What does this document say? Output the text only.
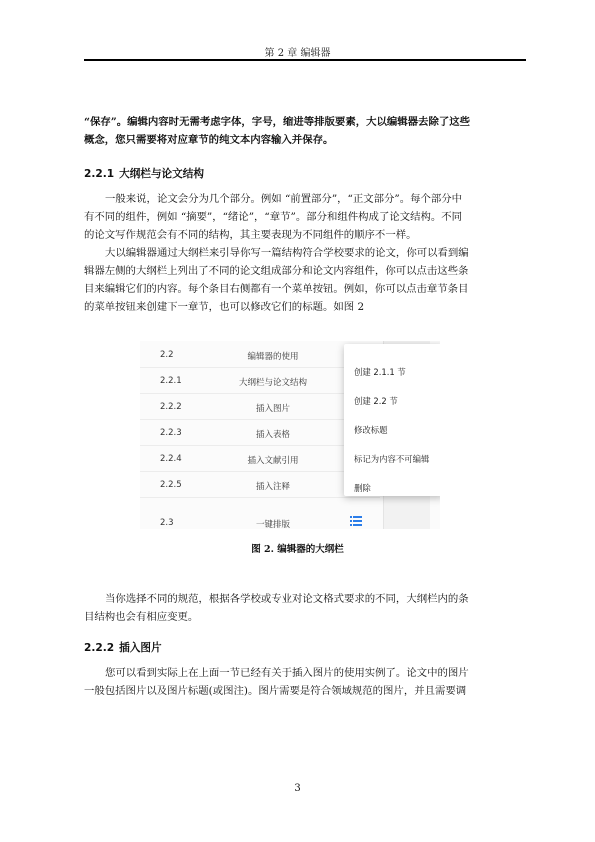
第 2 章 编辑器
“保存”。编辑内容时无需考虑字体，字号，缩进等排版要素，大以编辑器去除了这些
概念，您只需要将对应章节的纯文本内容输入并保存。
2.2.1 大纲栏与论文结构
一般来说，论文会分为几个部分。例如 “前置部分”，“正文部分”。每个部分中
有不同的组件，例如 “摘要”，“绪论”，“章节”。部分和组件构成了论文结构。不同
的论文写作规范会有不同的结构，其主要表现为不同组件的顺序不一样。
大以编辑器通过大纲栏来引导你写一篇结构符合学校要求的论文，你可以看到编
辑器左侧的大纲栏上列出了不同的论文组成部分和论文内容组件，你可以点击这些条
目来编辑它们的内容。每个条目右侧都有一个菜单按钮。例如，你可以点击章节条目
的菜单按钮来创建下一章节，也可以修改它们的标题。如图 2
2.2	编辑器的使用
2.2.1	大纲栏与论文结构
2.2.2	插入图片
2.2.3	插入表格
2.2.4	插入文献引用
2.2.5	插入注释
2.3	一键排版
创建 2.1.1 节
创建 2.2 节
修改标题
标记为内容不可编辑
删除
图 2. 编辑器的大纲栏
当你选择不同的规范，根据各学校或专业对论文格式要求的不同，大纲栏内的条
目结构也会有相应变更。
2.2.2 插入图片
您可以看到实际上在上面一节已经有关于插入图片的使用实例了。论文中的图片
一般包括图片以及图片标题(或图注)。图片需要是符合领域规范的图片，并且需要调
3
